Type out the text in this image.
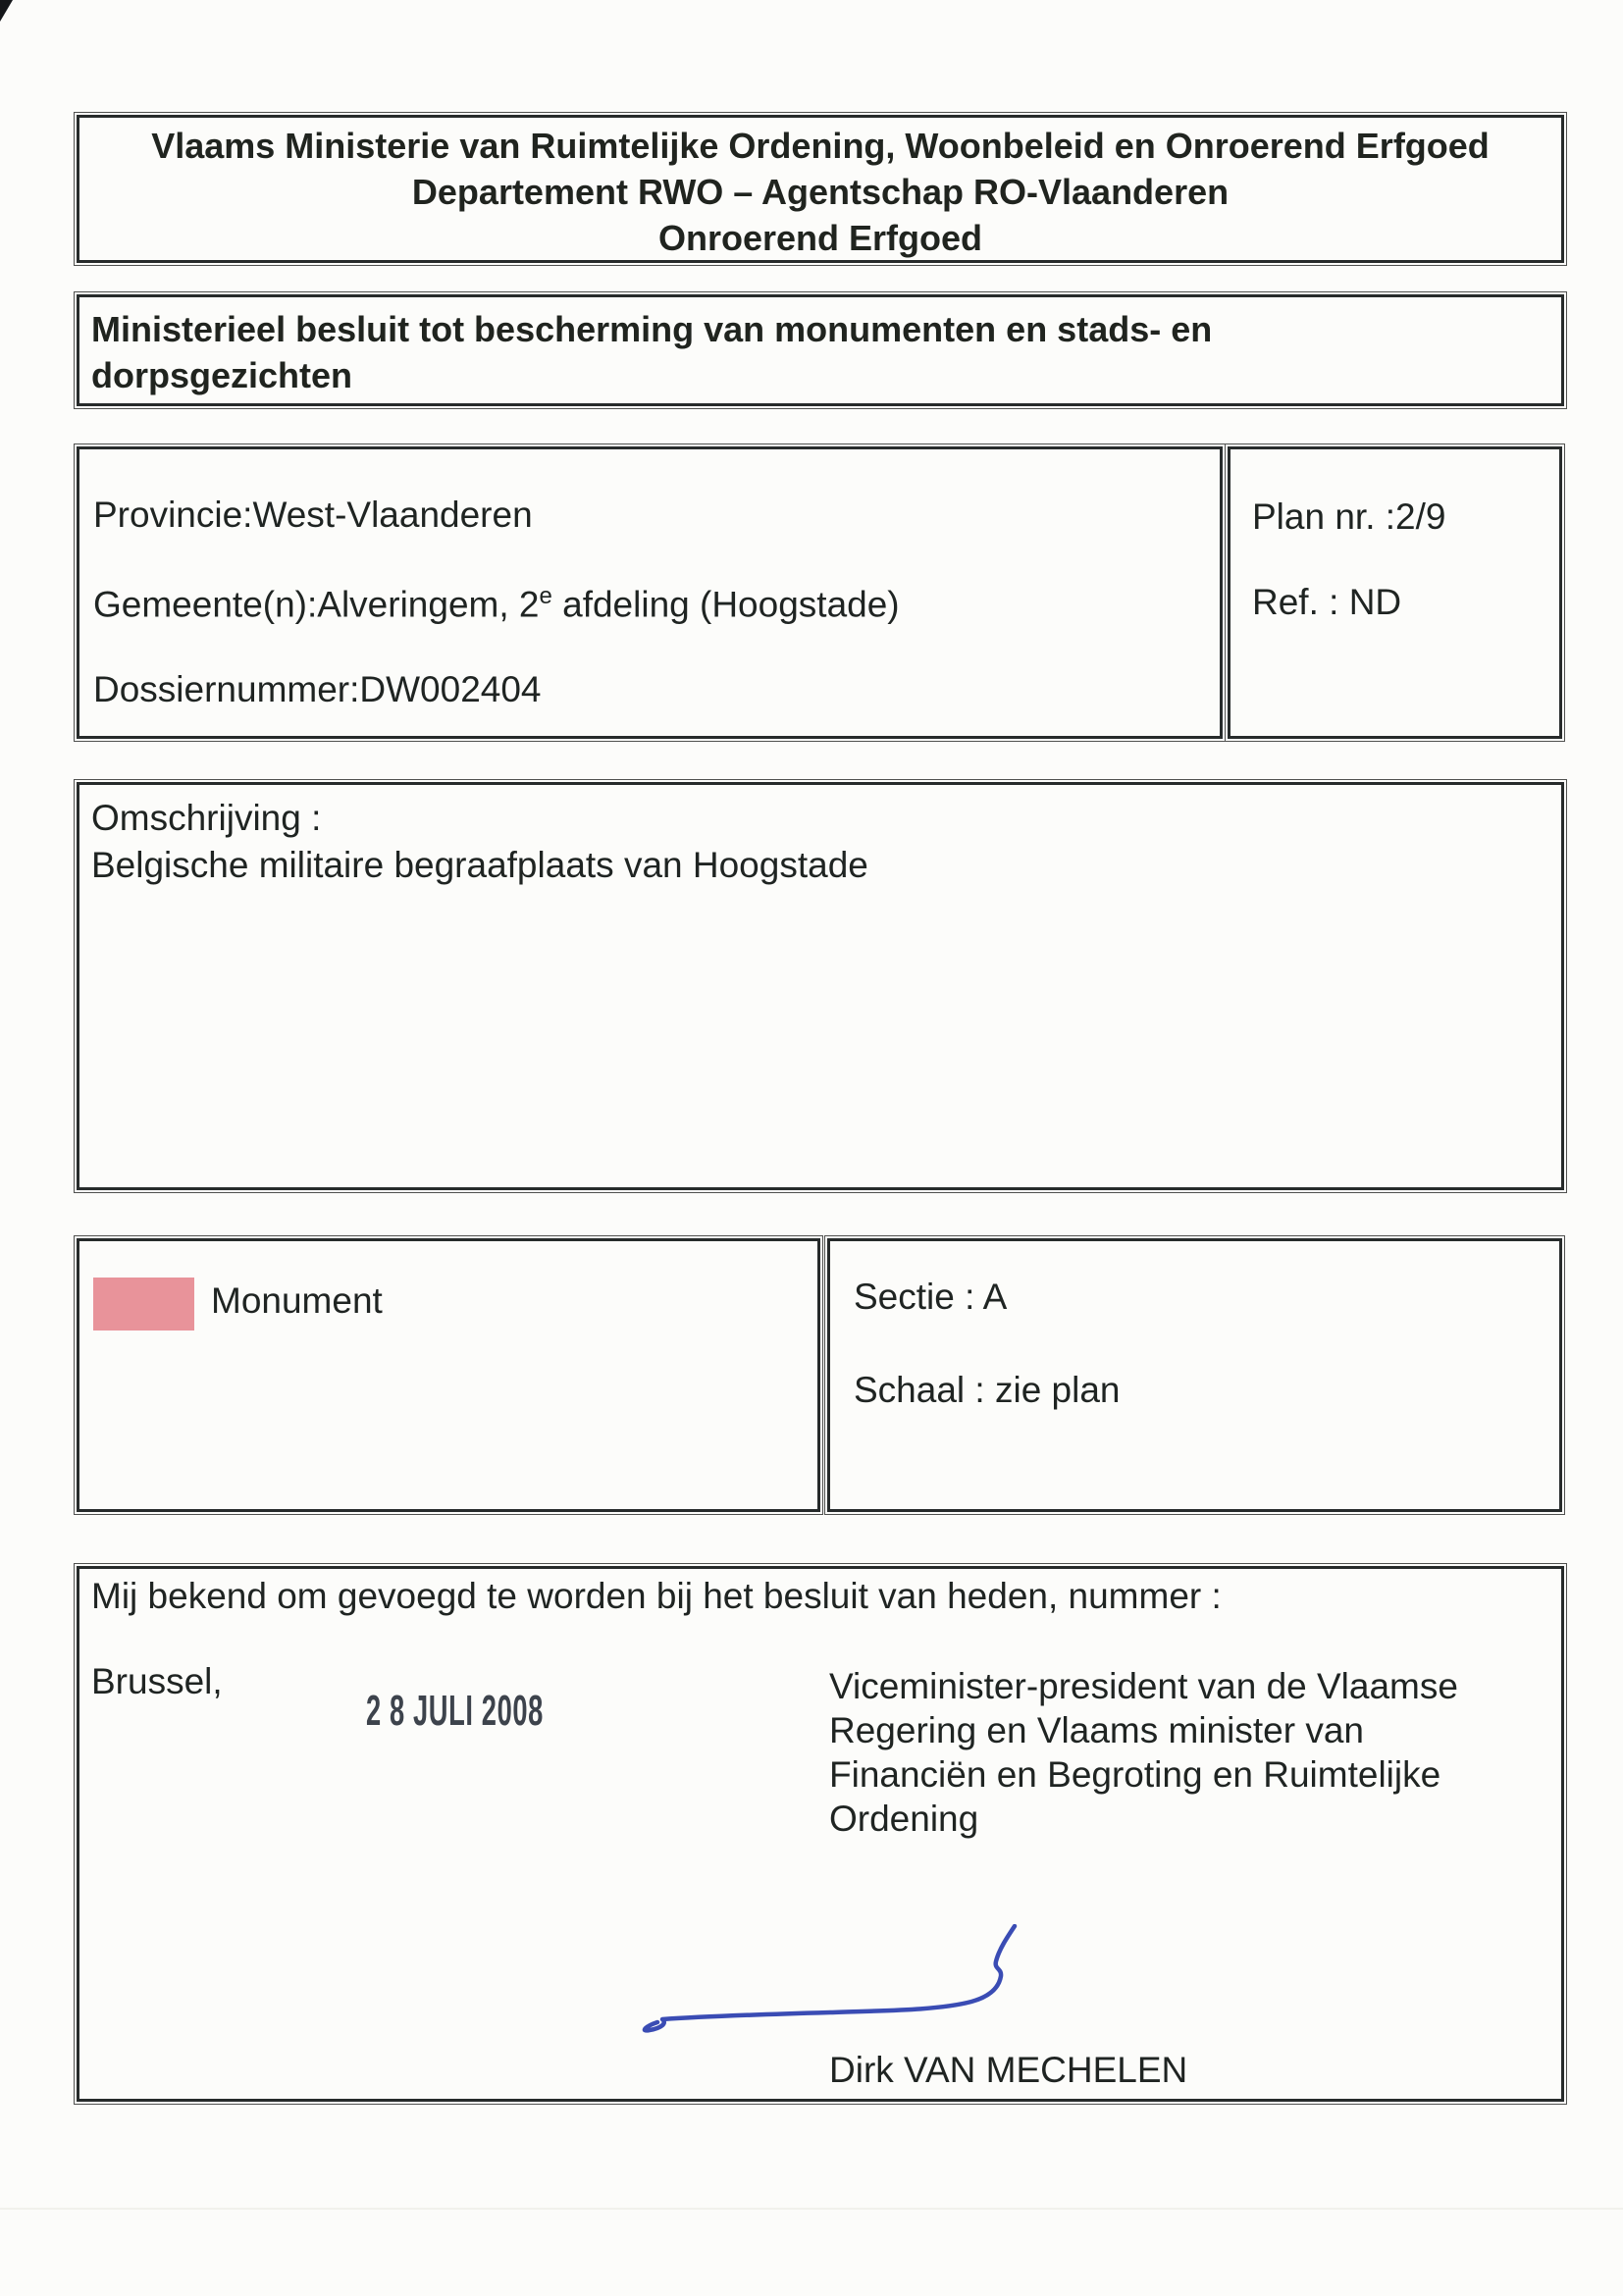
Vlaams Ministerie van Ruimtelijke Ordening, Woonbeleid en Onroerend Erfgoed
Departement RWO – Agentschap RO-Vlaanderen
Onroerend Erfgoed
Ministerieel besluit tot bescherming van monumenten en stads- en
dorpsgezichten
Provincie:West-Vlaanderen
Gemeente(n):Alveringem, 2e afdeling (Hoogstade)
Dossiernummer:DW002404
Plan nr. :2/9
Ref. : ND
Omschrijving :
Belgische militaire begraafplaats van Hoogstade
Monument	Sectie : A
Schaal : zie plan
Mij bekend om gevoegd te worden bij het besluit van heden, nummer :
Brussel,
2 8 JULI 2008
Viceminister-president van de Vlaamse
Regering en Vlaams minister van
Financiën en Begroting en Ruimtelijke
Ordening
Dirk VAN MECHELEN
